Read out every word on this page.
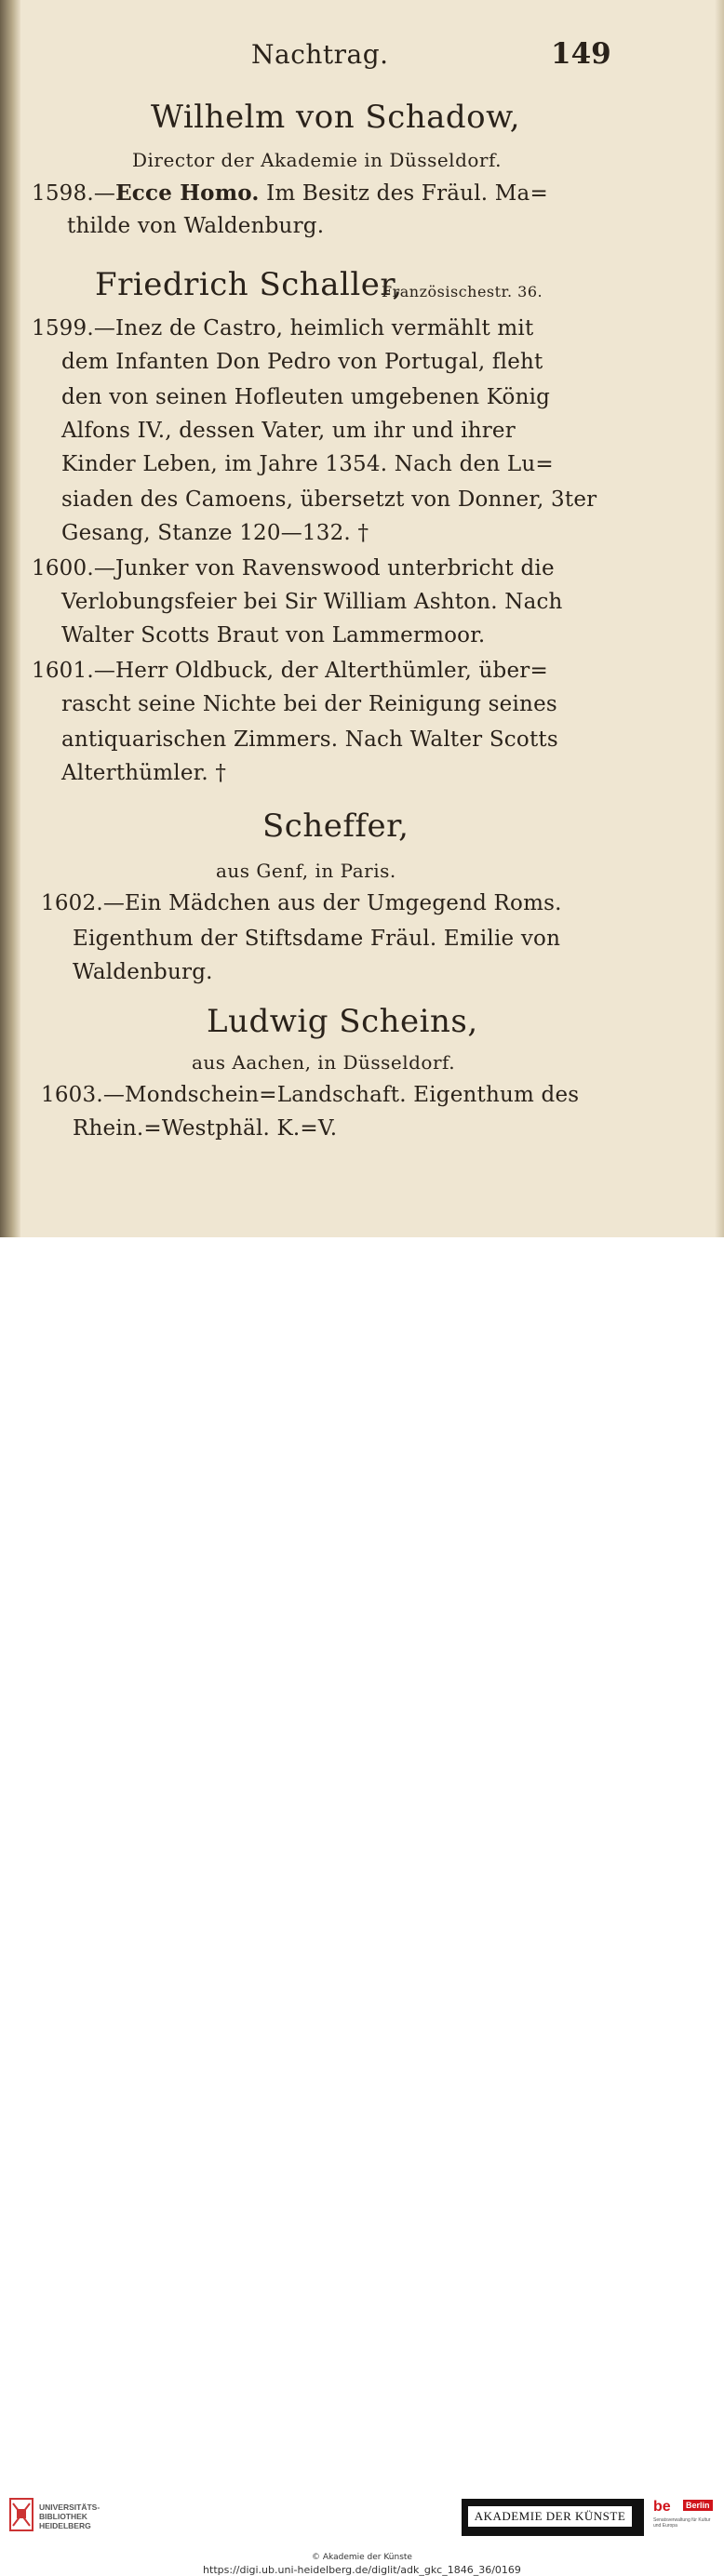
Nachtrag.	149
Wilhelm von Schadow,
Director der Akademie in Düsseldorf.
1598.—Ecce Homo. Im Besitz des Fräul. Ma=
thilde von Waldenburg.
Friedrich Schaller,
Französischestr. 36.
1599.—Inez de Castro, heimlich vermählt mit
dem Infanten Don Pedro von Portugal, fleht
den von seinen Hofleuten umgebenen König
Alfons IV., dessen Vater, um ihr und ihrer
Kinder Leben, im Jahre 1354. Nach den Lu=
siaden des Camoens, übersetzt von Donner, 3ter
Gesang, Stanze 120—132. †
1600.—Junker von Ravenswood unterbricht die
Verlobungsfeier bei Sir William Ashton. Nach
Walter Scotts Braut von Lammermoor.
1601.—Herr Oldbuck, der Alterthümler, über=
rascht seine Nichte bei der Reinigung seines
antiquarischen Zimmers. Nach Walter Scotts
Alterthümler. †
Scheffer,
aus Genf, in Paris.
1602.—Ein Mädchen aus der Umgegend Roms.
Eigenthum der Stiftsdame Fräul. Emilie von
Waldenburg.
Ludwig Scheins,
aus Aachen, in Düsseldorf.
1603.—Mondschein=Landschaft. Eigenthum des
Rhein.=Westphäl. K.=V.
UNIVERSITÄTS-
BIBLIOTHEK
HEIDELBERG
AKADEMIE DER KÜNSTE
be	Berlin
Senatsverwaltung für Kultur und Europa
© Akademie der Künste
https://digi.ub.uni-heidelberg.de/diglit/adk_gkc_1846_36/0169
